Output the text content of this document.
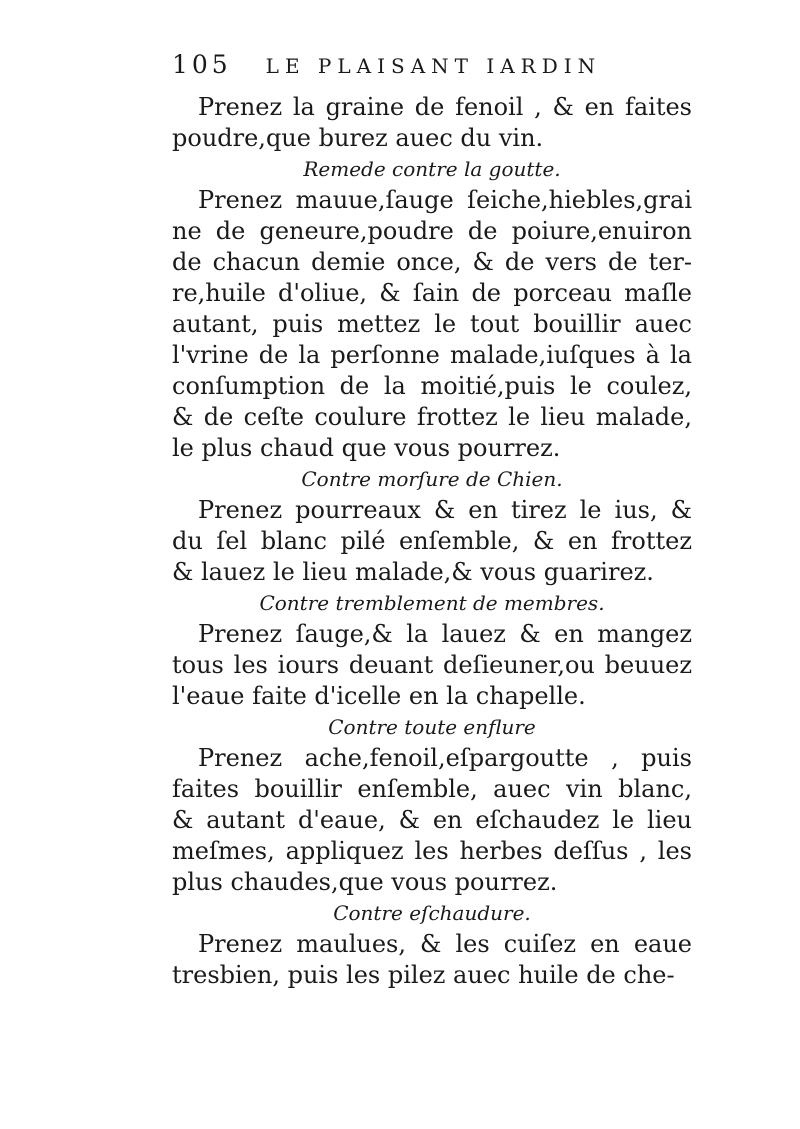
105 LE PLAISANT IARDIN
Prenez la graine de fenoil , & en faites
poudre,que burez auec du vin.
Remede contre la goutte.
Prenez mauue,ſauge ſeiche,hiebles,grai
ne de geneure,poudre de poiure,enuiron
de chacun demie once, & de vers de ter-
re,huile d'oliue, & ſain de porceau maſle
autant, puis mettez le tout bouillir auec
l'vrine de la perſonne malade,iuſques à la
conſumption de la moitié,puis le coulez,
& de ceſte coulure frottez le lieu malade,
le plus chaud que vous pourrez.
Contre morſure de Chien.
Prenez pourreaux & en tirez le ius, &
du ſel blanc pilé enſemble, & en frottez
& lauez le lieu malade,& vous guarirez.
Contre tremblement de membres.
Prenez ſauge,& la lauez & en mangez
tous les iours deuant deſieuner,ou beuuez
l'eaue faite d'icelle en la chapelle.
Contre toute enflure
Prenez ache,fenoil,eſpargoutte , puis
faites bouillir enſemble, auec vin blanc,
& autant d'eaue, & en eſchaudez le lieu
meſmes, appliquez les herbes deſſus , les
plus chaudes,que vous pourrez.
Contre eſchaudure.
Prenez maulues, & les cuiſez en eaue
tresbien, puis les pilez auec huile de che-
